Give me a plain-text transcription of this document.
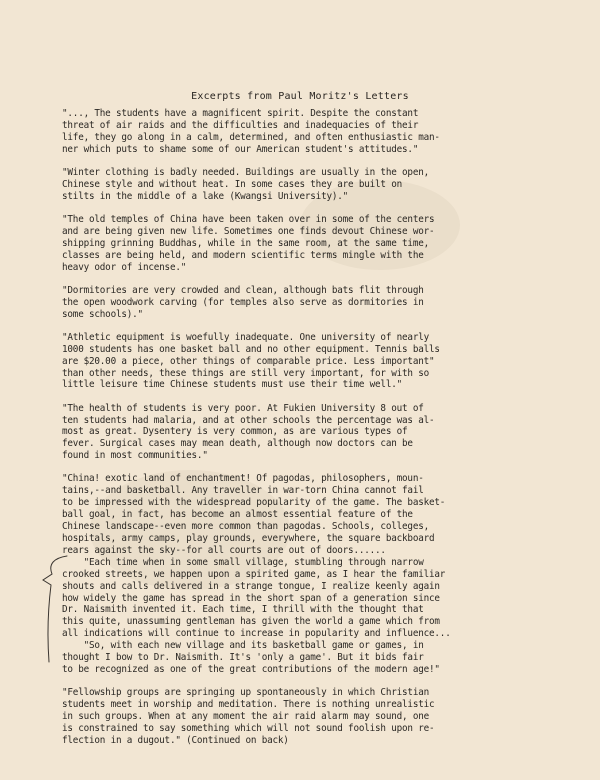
Excerpts from Paul Moritz's Letters
"..., The students have a magnificent spirit. Despite the constant
threat of air raids and the difficulties and inadequacies of their
life, they go along in a calm, determined, and often enthusiastic man-
ner which puts to shame some of our American student's attitudes."
"Winter clothing is badly needed. Buildings are usually in the open,
Chinese style and without heat. In some cases they are built on
stilts in the middle of a lake (Kwangsi University)."
"The old temples of China have been taken over in some of the centers
and are being given new life. Sometimes one finds devout Chinese wor-
shipping grinning Buddhas, while in the same room, at the same time,
classes are being held, and modern scientific terms mingle with the
heavy odor of incense."
"Dormitories are very crowded and clean, although bats flit through
the open woodwork carving (for temples also serve as dormitories in
some schools)."
"Athletic equipment is woefully inadequate. One university of nearly
1000 students has one basket ball and no other equipment. Tennis balls
are $20.00 a piece, other things of comparable price. Less important"
than other needs, these things are still very important, for with so
little leisure time Chinese students must use their time well."
"The health of students is very poor. At Fukien University 8 out of
ten students had malaria, and at other schools the percentage was al-
most as great. Dysentery is very common, as are various types of
fever. Surgical cases may mean death, although now doctors can be
found in most communities."
"China! exotic land of enchantment! Of pagodas, philosophers, moun-
tains,--and basketball. Any traveller in war-torn China cannot fail
to be impressed with the widespread popularity of the game. The basket-
ball goal, in fact, has become an almost essential feature of the
Chinese landscape--even more common than pagodas. Schools, colleges,
hospitals, army camps, play grounds, everywhere, the square backboard
rears against the sky--for all courts are out of doors......
"Each time when in some small village, stumbling through narrow
crooked streets, we happen upon a spirited game, as I hear the familiar
shouts and calls delivered in a strange tongue, I realize keenly again
how widely the game has spread in the short span of a generation since
Dr. Naismith invented it. Each time, I thrill with the thought that
this quite, unassuming gentleman has given the world a game which from
all indications will continue to increase in popularity and influence...
"So, with each new village and its basketball game or games, in
thought I bow to Dr. Naismith. It's 'only a game'. But it bids fair
to be recognized as one of the great contributions of the modern age!"
"Fellowship groups are springing up spontaneously in which Christian
students meet in worship and meditation. There is nothing unrealistic
in such groups. When at any moment the air raid alarm may sound, one
is constrained to say something which will not sound foolish upon re-
flection in a dugout." (Continued on back)
